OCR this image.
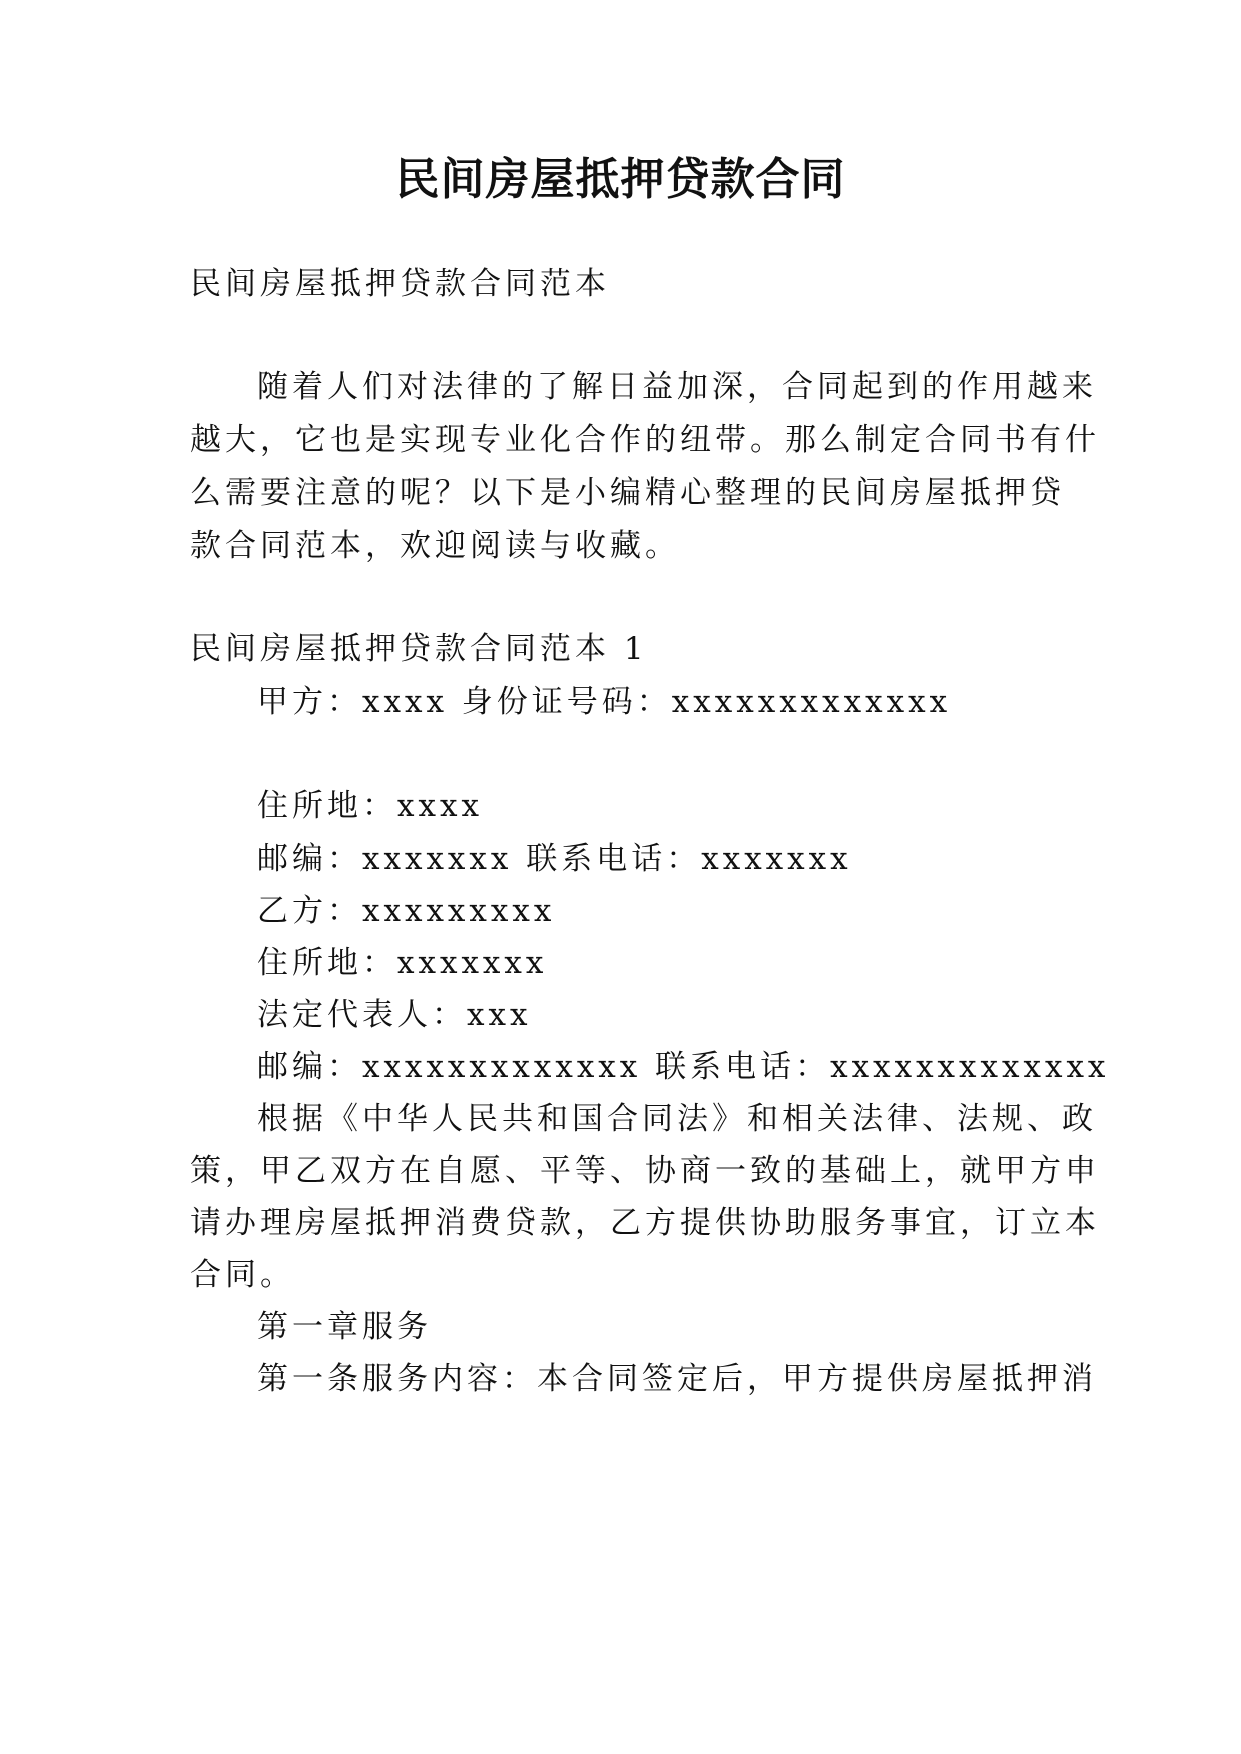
民间房屋抵押贷款合同

民间房屋抵押贷款合同范本

随着人们对法律的了解日益加深，合同起到的作用越来

越大，它也是实现专业化合作的纽带。那么制定合同书有什

么需要注意的呢？以下是小编精心整理的民间房屋抵押贷

款合同范本，欢迎阅读与收藏。

民间房屋抵押贷款合同范本 1

甲方：xxxx 身份证号码：xxxxxxxxxxxxx

住所地：xxxx

邮编：xxxxxxx 联系电话：xxxxxxx

乙方：xxxxxxxxx

住所地：xxxxxxx

法定代表人：xxx

邮编：xxxxxxxxxxxxx 联系电话：xxxxxxxxxxxxx

根据《中华人民共和国合同法》和相关法律、法规、政

策，甲乙双方在自愿、平等、协商一致的基础上，就甲方申

请办理房屋抵押消费贷款，乙方提供协助服务事宜，订立本

合同。

第一章服务

第一条服务内容：本合同签定后，甲方提供房屋抵押消
